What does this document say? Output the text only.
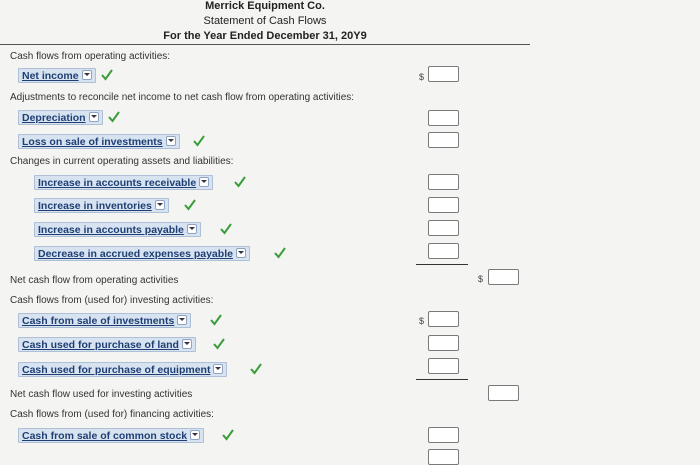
Merrick Equipment Co.
Statement of Cash Flows
For the Year Ended December 31, 20Y9
Cash flows from operating activities:
Net income	$
Adjustments to reconcile net income to net cash flow from operating activities:
Depreciation
Loss on sale of investments
Changes in current operating assets and liabilities:
Increase in accounts receivable
Increase in inventories
Increase in accounts payable
Decrease in accrued expenses payable
Net cash flow from operating activities	$
Cash flows from (used for) investing activities:
Cash from sale of investments	$
Cash used for purchase of land
Cash used for purchase of equipment
Net cash flow used for investing activities
Cash flows from (used for) financing activities:
Cash from sale of common stock
